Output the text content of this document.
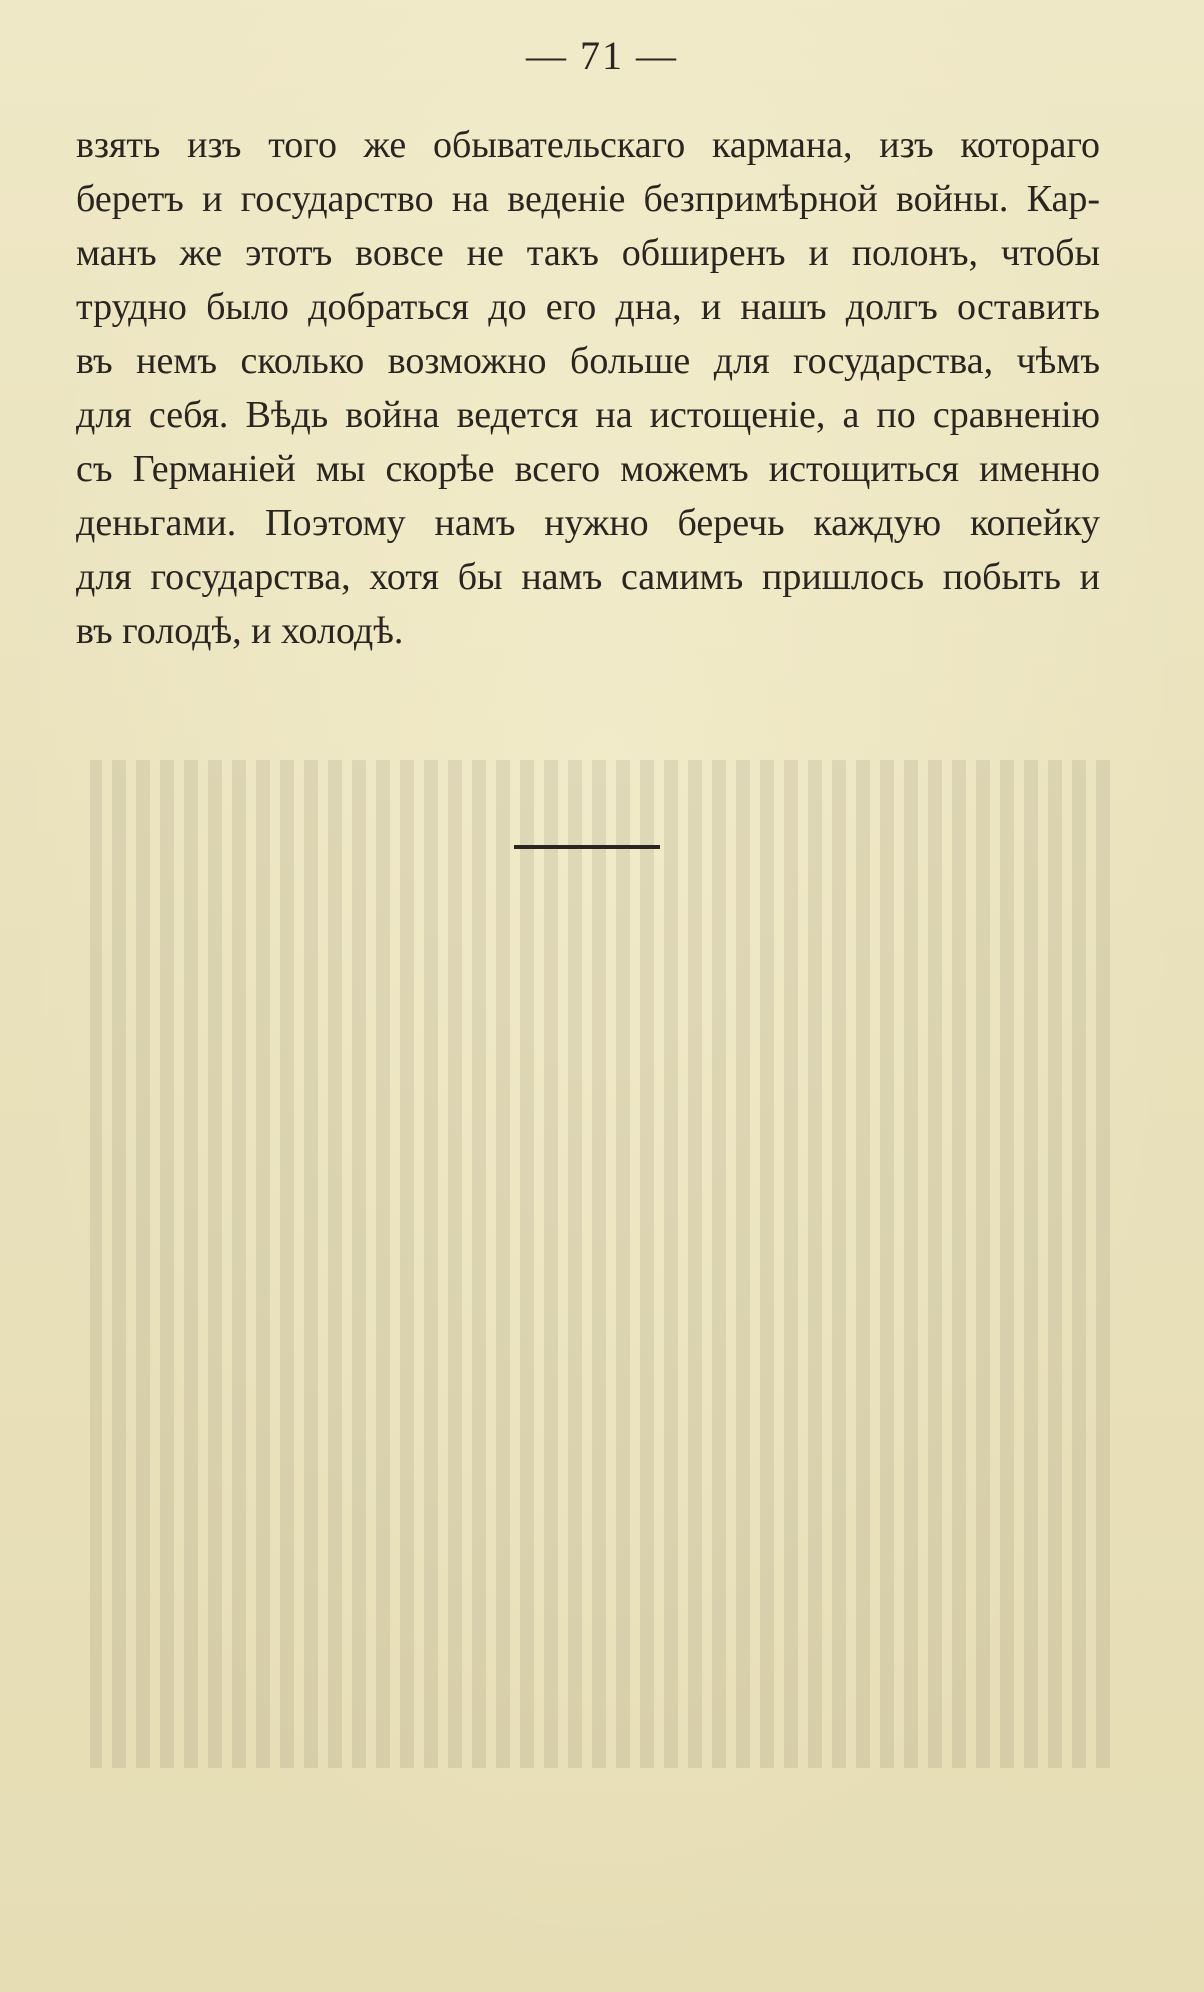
— 71 —
взять изъ того же обывательскаго кармана, изъ котораго
беретъ и государство на веденіе безпримѣрной войны. Кар-
манъ же этотъ вовсе не такъ обширенъ и полонъ, чтобы
трудно было добраться до его дна, и нашъ долгъ оставить
въ немъ сколько возможно больше для государства, чѣмъ
для себя. Вѣдь война ведется на истощеніе, а по сравненію
съ Германіей мы скорѣе всего можемъ истощиться именно
деньгами. Поэтому намъ нужно беречь каждую копейку
для государства, хотя бы намъ самимъ пришлось побыть и
въ голодѣ, и холодѣ.
